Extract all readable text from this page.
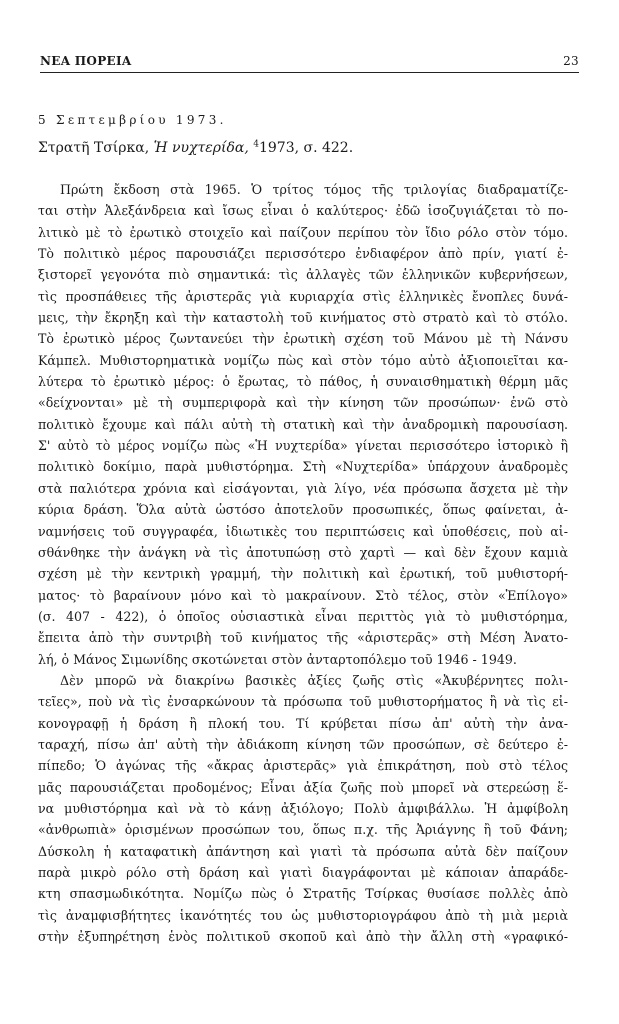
ΝΕΑ ΠΟΡΕΙΑ	23
5 Σεπτεμβρίου 1973.
Στρατῆ Τσίρκα, Ἡ νυχτερίδα, $^4$1973, σ. 422.
Πρώτη ἔκδοση στὰ 1965. Ὁ τρίτος τόμος τῆς τριλογίας διαδραματίζε-
ται στὴν Ἀλεξάνδρεια καὶ ἴσως εἶναι ὁ καλύτερος· ἐδῶ ἰσοζυγιάζεται τὸ πο-
λιτικὸ μὲ τὸ ἐρωτικὸ στοιχεῖο καὶ παίζουν περίπου τὸν ἴδιο ρόλο στὸν τόμο.
Τὸ πολιτικὸ μέρος παρουσιάζει περισσότερο ἐνδιαφέρον ἀπὸ πρίν, γιατί ἐ-
ξιστορεῖ γεγονότα πιὸ σημαντικά: τὶς ἀλλαγὲς τῶν ἑλληνικῶν κυβερνήσεων,
τὶς προσπάθειες τῆς ἀριστερᾶς γιὰ κυριαρχία στὶς ἑλληνικὲς ἔνοπλες δυνά-
μεις, τὴν ἔκρηξη καὶ τὴν καταστολὴ τοῦ κινήματος στὸ στρατὸ καὶ τὸ στόλο.
Τὸ ἐρωτικὸ μέρος ζωντανεύει τὴν ἐρωτικὴ σχέση τοῦ Μάνου μὲ τὴ Νάνσυ
Κάμπελ. Μυθιστορηματικὰ νομίζω πὼς καὶ στὸν τόμο αὐτὸ ἀξιοποιεῖται κα-
λύτερα τὸ ἐρωτικὸ μέρος: ὁ ἔρωτας, τὸ πάθος, ἡ συναισθηματικὴ θέρμη μᾶς
«δείχνονται» μὲ τὴ συμπεριφορὰ καὶ τὴν κίνηση τῶν προσώπων· ἐνῶ στὸ
πολιτικὸ ἔχουμε καὶ πάλι αὐτὴ τὴ στατικὴ καὶ τὴν ἀναδρομικὴ παρουσίαση.
Σ' αὐτὸ τὸ μέρος νομίζω πὼς «Ἡ νυχτερίδα» γίνεται περισσότερο ἱστορικὸ ἢ
πολιτικὸ δοκίμιο, παρὰ μυθιστόρημα. Στὴ «Νυχτερίδα» ὑπάρχουν ἀναδρομὲς
στὰ παλιότερα χρόνια καὶ εἰσάγονται, γιὰ λίγο, νέα πρόσωπα ἄσχετα μὲ τὴν
κύρια δράση. Ὅλα αὐτὰ ὡστόσο ἀποτελοῦν προσωπικές, ὅπως φαίνεται, ἀ-
ναμνήσεις τοῦ συγγραφέα, ἰδιωτικὲς του περιπτώσεις καὶ ὑποθέσεις, ποὺ αἰ-
σθάνθηκε τὴν ἀνάγκη νὰ τὶς ἀποτυπώσῃ στὸ χαρτὶ — καὶ δὲν ἔχουν καμιὰ
σχέση μὲ τὴν κεντρικὴ γραμμή, τὴν πολιτικὴ καὶ ἐρωτική, τοῦ μυθιστορή-
ματος· τὸ βαραίνουν μόνο καὶ τὸ μακραίνουν. Στὸ τέλος, στὸν «Ἐπίλογο»
(σ. 407 - 422), ὁ ὁποῖος οὐσιαστικὰ εἶναι περιττὸς γιὰ τὸ μυθιστόρημα,
ἔπειτα ἀπὸ τὴν συντριβὴ τοῦ κινήματος τῆς «ἀριστερᾶς» στὴ Μέση Ἀνατο-
λή, ὁ Μάνος Σιμωνίδης σκοτώνεται στὸν ἀνταρτοπόλεμο τοῦ 1946 - 1949.
Δὲν μπορῶ νὰ διακρίνω βασικὲς ἀξίες ζωῆς στὶς «Ἀκυβέρνητες πολι-
τεῖες», ποὺ νὰ τὶς ἐνσαρκώνουν τὰ πρόσωπα τοῦ μυθιστορήματος ἢ νὰ τὶς εἰ-
κονογραφῇ ἡ δράση ἢ πλοκή του. Τί κρύβεται πίσω ἀπ' αὐτὴ τὴν ἀνα-
ταραχή, πίσω ἀπ' αὐτὴ τὴν ἀδιάκοπη κίνηση τῶν προσώπων, σὲ δεύτερο ἐ-
πίπεδο; Ὁ ἀγώνας τῆς «ἄκρας ἀριστερᾶς» γιὰ ἐπικράτηση, ποὺ στὸ τέλος
μᾶς παρουσιάζεται προδομένος; Εἶναι ἀξία ζωῆς ποὺ μπορεῖ νὰ στερεώσῃ ἕ-
να μυθιστόρημα καὶ νὰ τὸ κάνῃ ἀξιόλογο; Πολὺ ἀμφιβάλλω. Ἡ ἀμφίβολη
«ἀνθρωπιὰ» ὁρισμένων προσώπων του, ὅπως π.χ. τῆς Ἀριάγνης ἢ τοῦ Φάνη;
Δύσκολη ἡ καταφατικὴ ἀπάντηση καὶ γιατὶ τὰ πρόσωπα αὐτὰ δὲν παίζουν
παρὰ μικρὸ ρόλο στὴ δράση καὶ γιατὶ διαγράφονται μὲ κάποιαν ἀπαράδε-
κτη σπασμωδικότητα. Νομίζω πὼς ὁ Στρατῆς Τσίρκας θυσίασε πολλὲς ἀπὸ
τὶς ἀναμφισβήτητες ἱκανότητές του ὡς μυθιστοριογράφου ἀπὸ τὴ μιὰ μεριὰ
στὴν ἐξυπηρέτηση ἑνὸς πολιτικοῦ σκοποῦ καὶ ἀπὸ τὴν ἄλλη στὴ «γραφικό-
